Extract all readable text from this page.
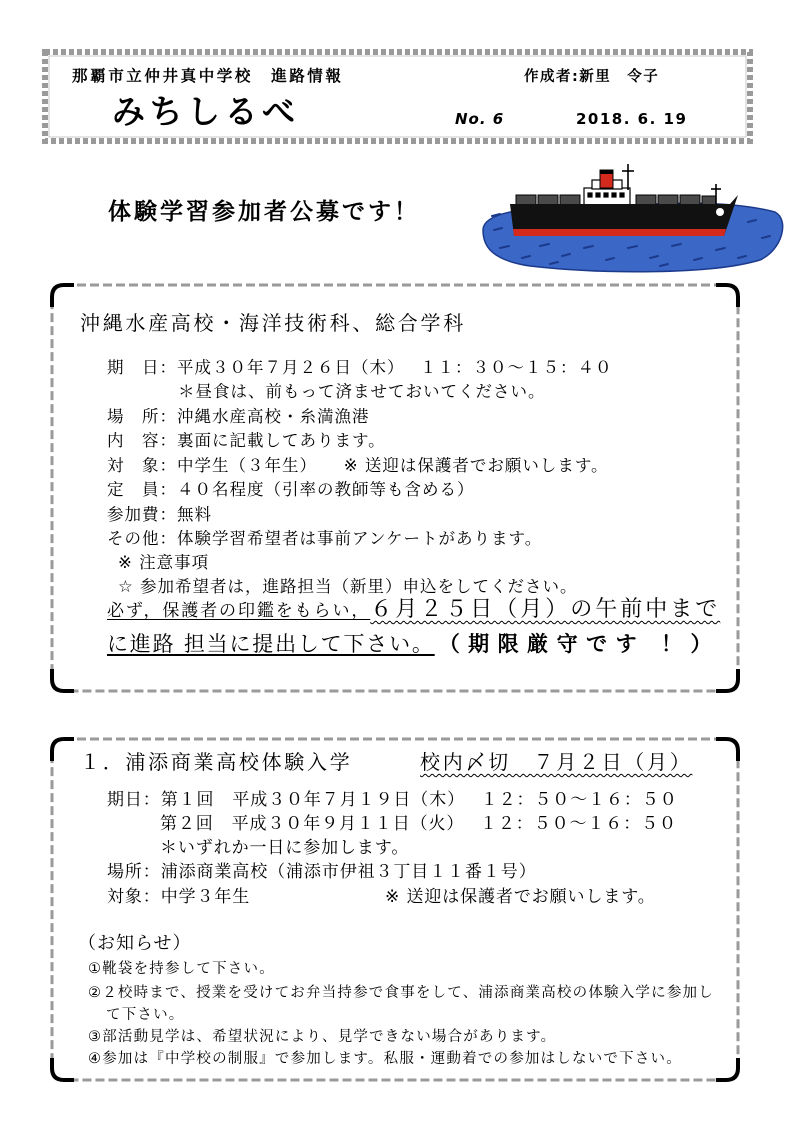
那覇市立仲井真中学校　進路情報	作成者:新里　令子
みちしるべ	No. 6	2018. 6. 19
体験学習参加者公募です！
沖縄水産高校・海洋技術科、総合学科
期　日：平成３０年７月２６日（木）　 １１：３０～１５：４０
＊昼食は、前もって済ませておいてください。
場　所：沖縄水産高校・糸満漁港
内　容：裏面に記載してあります。
対　象：中学生（３年生）　　※ 送迎は保護者でお願いします。
定　員：４０名程度（引率の教師等も含める）
参加費：無料
その他：体験学習希望者は事前アンケートがあります。
※ 注意事項
☆ 参加希望者は，進路担当（新里）申込をしてください。
必ず，保護者の印鑑をもらい， ６月２５日（月）の午前中まで
に進路 担当に提出して下さい。 （期限厳守です ！）
１．浦添商業高校体験入学	校内〆切　７月２日（月）
期日：第１回　平成３０年７月１９日（木）　 １２：５０～１６：５０
第２回　平成３０年９月１１日（火）　 １２：５０～１６：５０
＊いずれか一日に参加します。
場所：浦添商業高校（浦添市伊祖３丁目１１番１号）
対象：中学３年生	※ 送迎は保護者でお願いします。
（お知らせ）
①靴袋を持参して下さい。
②２校時まで、授業を受けてお弁当持参で食事をして、浦添商業高校の体験入学に参加し
て下さい。
③部活動見学は、希望状況により、見学できない場合があります。
④参加は『中学校の制服』で参加します。私服・運動着での参加はしないで下さい。
